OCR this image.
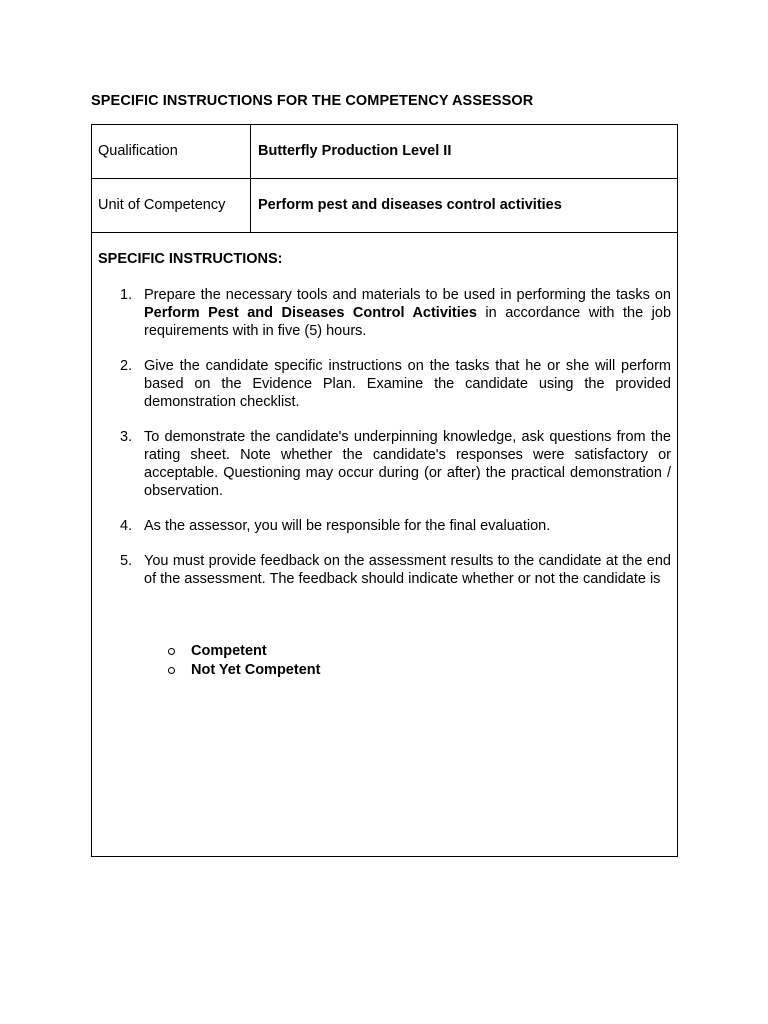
SPECIFIC INSTRUCTIONS FOR THE COMPETENCY ASSESSOR
Qualification	Butterfly Production Level II
Unit of Competency Perform pest and diseases control activities
SPECIFIC INSTRUCTIONS:
1. Prepare the necessary tools and materials to be used in performing the tasks on Perform Pest and Diseases Control Activities in accordance with the job requirements with in five (5) hours.
2. Give the candidate specific instructions on the tasks that he or she will perform based on the Evidence Plan. Examine the candidate using the provided demonstration checklist.
3. To demonstrate the candidate's underpinning knowledge, ask questions from the rating sheet. Note whether the candidate's responses were satisfactory or acceptable. Questioning may occur during (or after) the practical demonstration / observation.
4. As the assessor, you will be responsible for the final evaluation.
5. You must provide feedback on the assessment results to the candidate at the end of the assessment. The feedback should indicate whether or not the candidate is
Competent
Not Yet Competent
